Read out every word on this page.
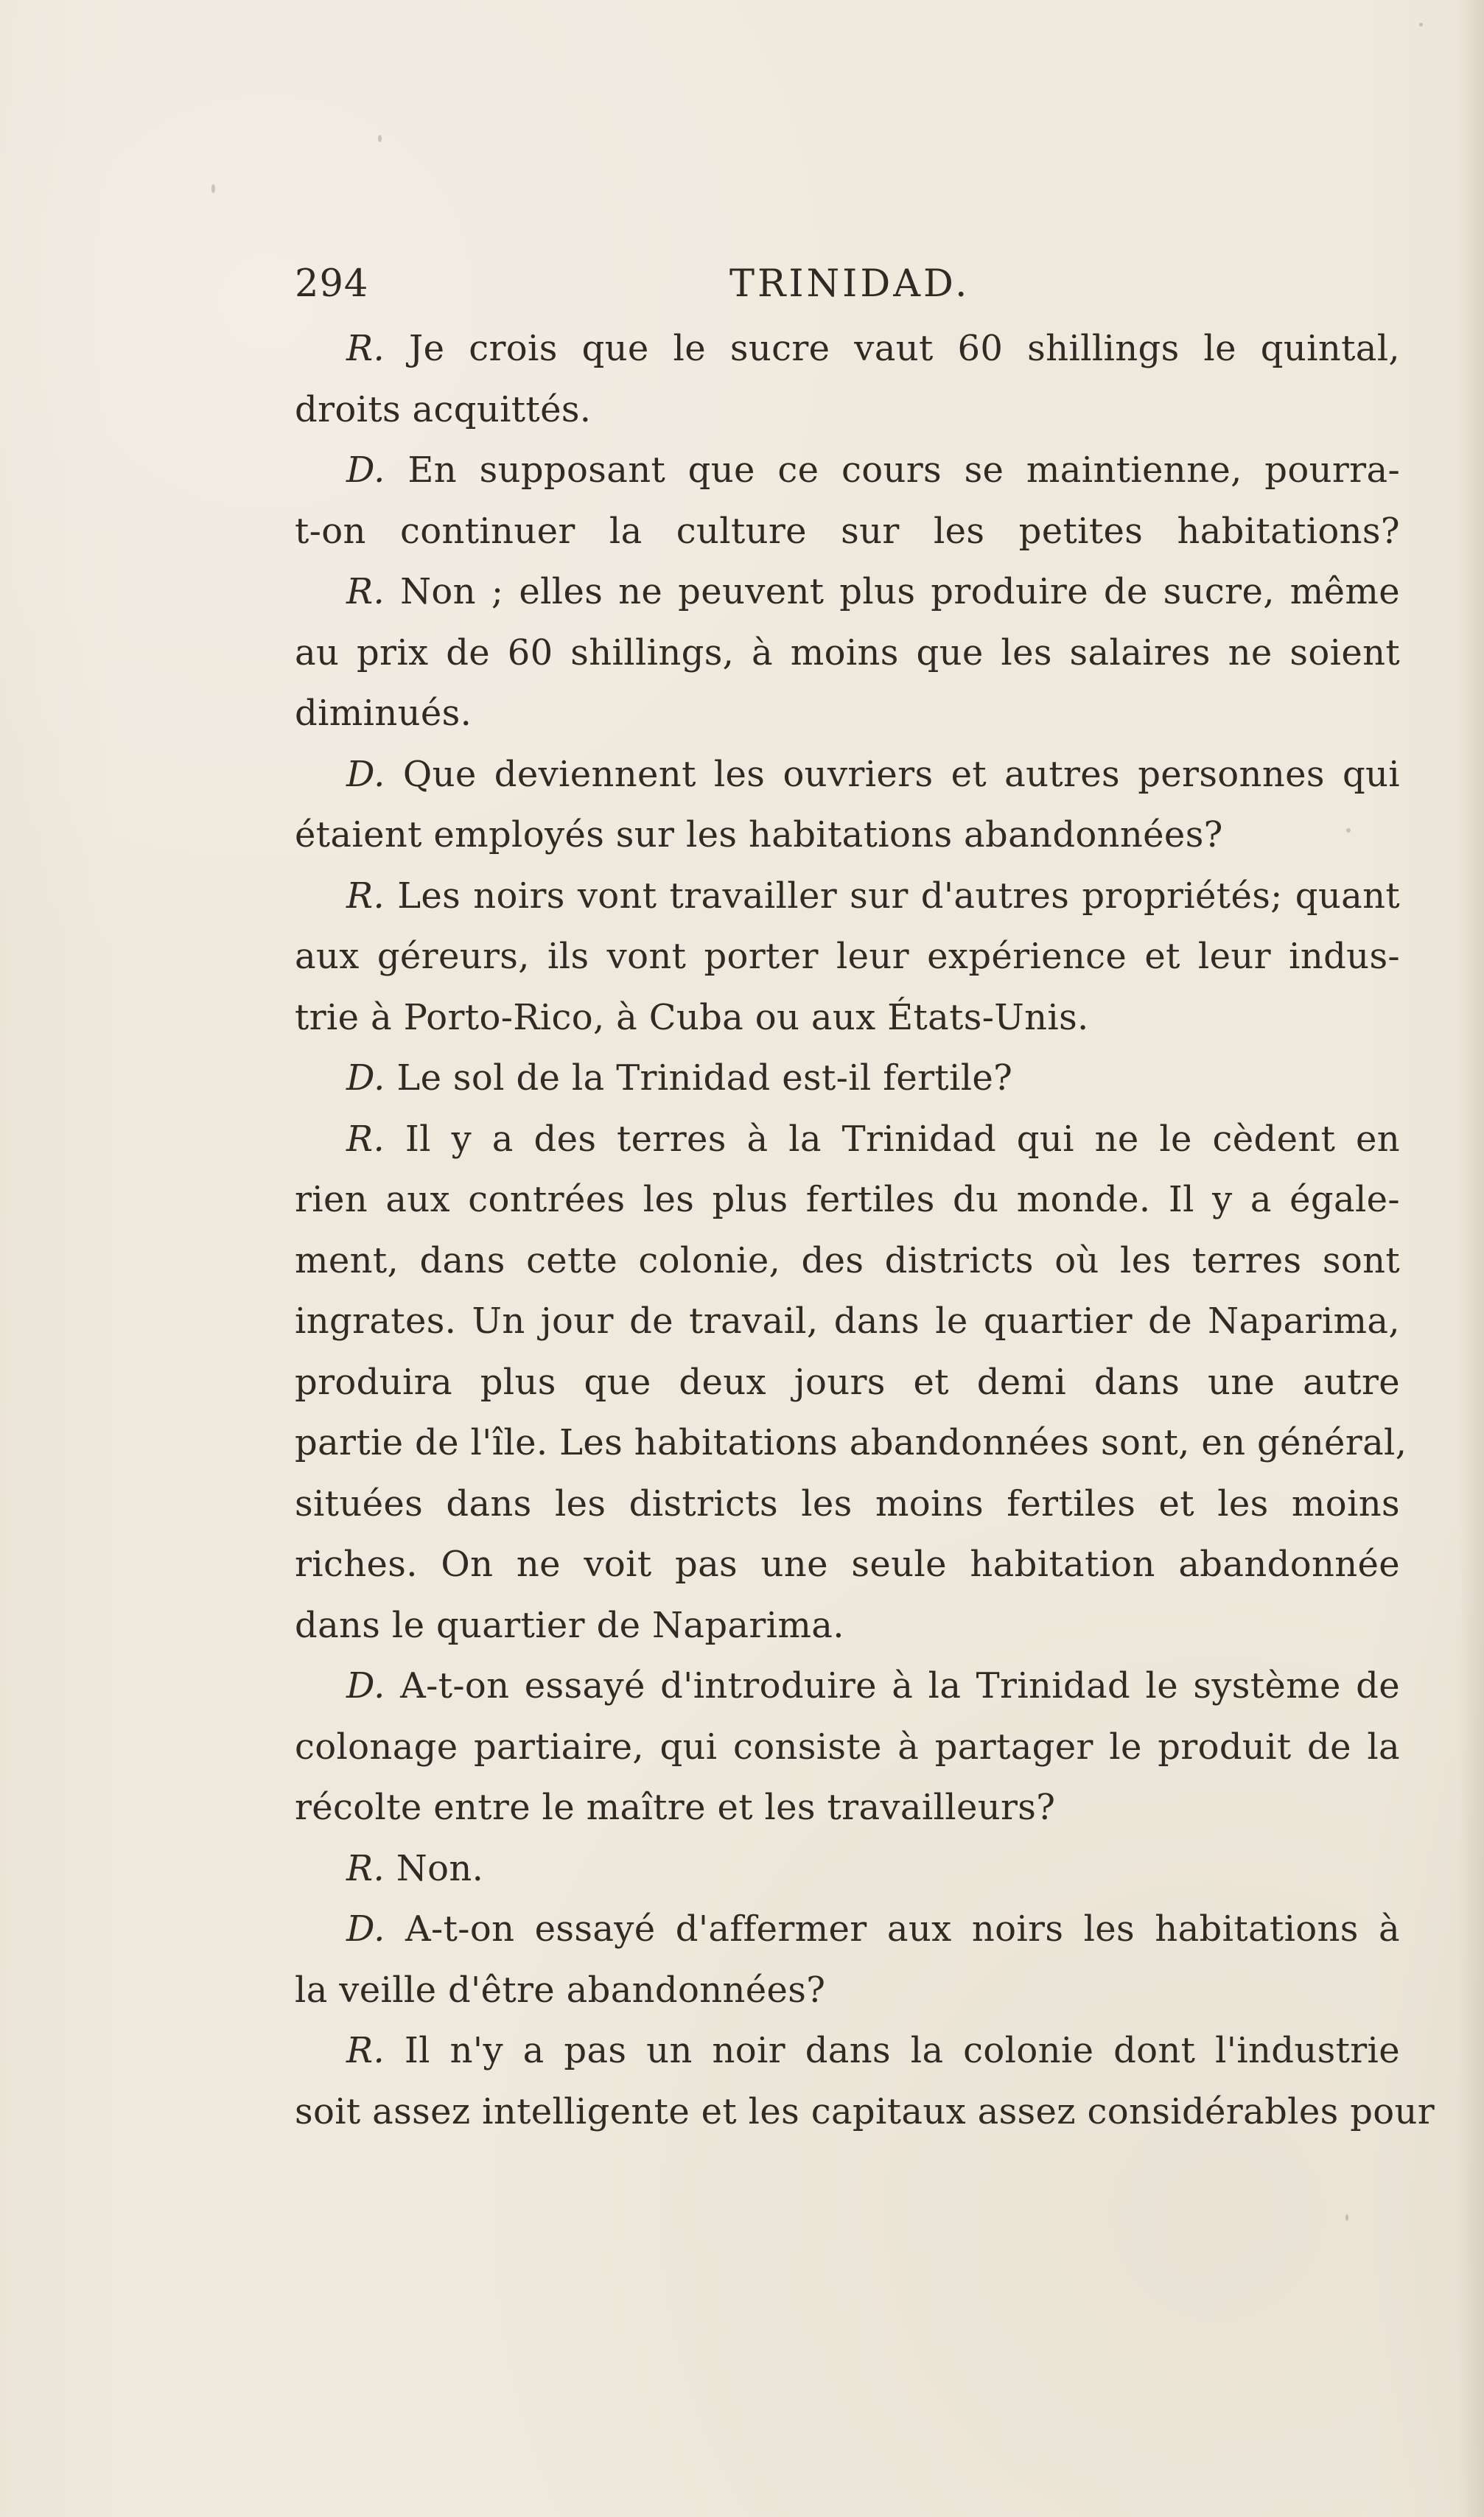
294	TRINIDAD.
R. Je crois que le sucre vaut 60 shillings le quintal,
droits acquittés.
D. En supposant que ce cours se maintienne, pourra-
t-on continuer la culture sur les petites habitations?
R. Non ; elles ne peuvent plus produire de sucre, même
au prix de 60 shillings, à moins que les salaires ne soient
diminués.
D. Que deviennent les ouvriers et autres personnes qui
étaient employés sur les habitations abandonnées?
R. Les noirs vont travailler sur d'autres propriétés; quant
aux géreurs, ils vont porter leur expérience et leur indus-
trie à Porto-Rico, à Cuba ou aux États-Unis.
D. Le sol de la Trinidad est-il fertile?
R. Il y a des terres à la Trinidad qui ne le cèdent en
rien aux contrées les plus fertiles du monde. Il y a égale-
ment, dans cette colonie, des districts où les terres sont
ingrates. Un jour de travail, dans le quartier de Naparima,
produira plus que deux jours et demi dans une autre
partie de l'île. Les habitations abandonnées sont, en général,
situées dans les districts les moins fertiles et les moins
riches. On ne voit pas une seule habitation abandonnée
dans le quartier de Naparima.
D. A-t-on essayé d'introduire à la Trinidad le système de
colonage partiaire, qui consiste à partager le produit de la
récolte entre le maître et les travailleurs?
R. Non.
D. A-t-on essayé d'affermer aux noirs les habitations à
la veille d'être abandonnées?
R. Il n'y a pas un noir dans la colonie dont l'industrie
soit assez intelligente et les capitaux assez considérables pour
